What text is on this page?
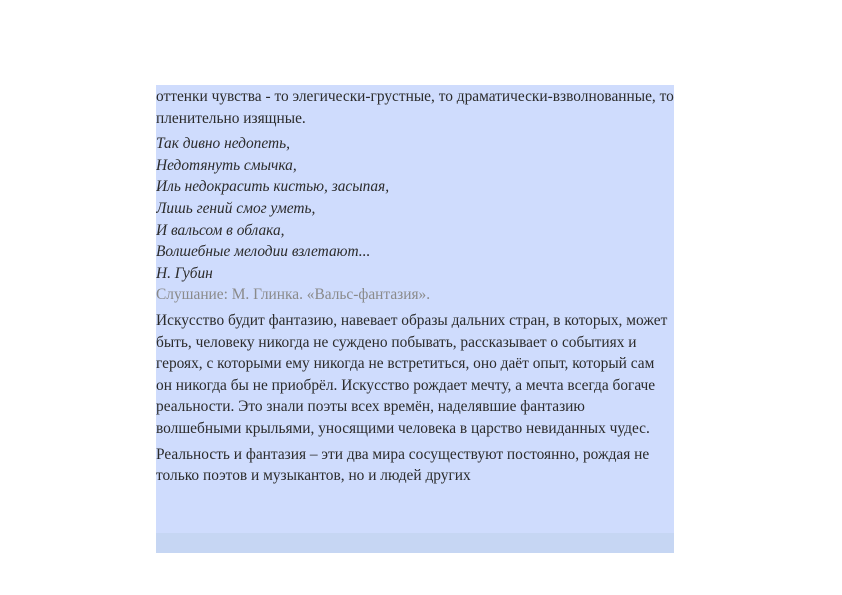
оттенки чувства - то элегически-грустные, то драматически-взволнованные, то пленительно изящные.

Так дивно недопеть,
Недотянуть смычка,
Иль недокрасить кистью, засыпая,
Лишь гений смог уметь,
И вальсом в облака,
Волшебные мелодии взлетают...
Н. Губин

Слушание: М. Глинка. «Вальс-фантазия».

Искусство будит фантазию, навевает образы дальних стран, в которых, может быть, человеку никогда не суждено побывать, рассказывает о событиях и героях, с которыми ему никогда не встретиться, оно даёт опыт, который сам он никогда бы не приобрёл. Искусство рождает мечту, а мечта всегда богаче реальности. Это знали поэты всех времён, наделявшие фантазию волшебными крыльями, уносящими человека в царство невиданных чудес.

Реальность и фантазия – эти два мира сосуществуют постоянно, рождая не только поэтов и музыкантов, но и людей других
